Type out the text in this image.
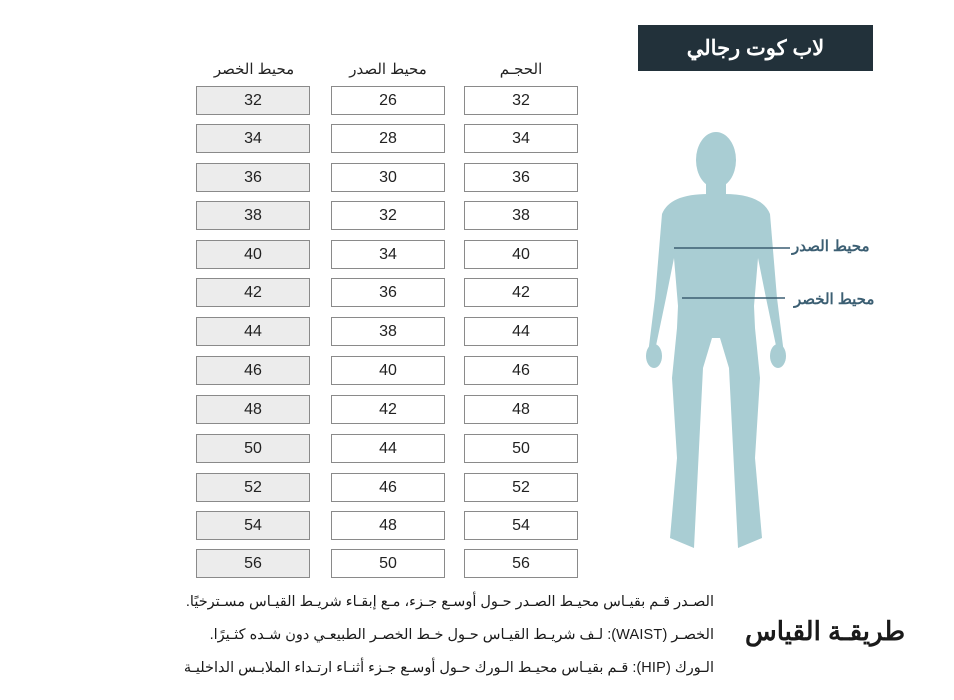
لاب كوت رجالي
الحجـم
محيط الصدر
محيط الخصر
32
34
36
38
40
42
44
46
48
50
52
54
56
26
28
30
32
34
36
38
40
42
44
46
48
50
32
34
36
38
40
42
44
46
48
50
52
54
56
محيط الصدر
محيط الخصر
طريقـة القياس
الصـدر قـم بقيـاس محيـط الصـدر حـول أوسـع جـزء، مـع إبقـاء شريـط القيـاس مسـترخيًا.
الخصـر (WAIST): لـف شريـط القيـاس حـول خـط الخصـر الطبيعـي دون شـده كثـيرًا.
الـورك (HIP): قـم بقيـاس محيـط الـورك حـول أوسـع جـزء أثنـاء ارتـداء الملابـس الداخليـة
